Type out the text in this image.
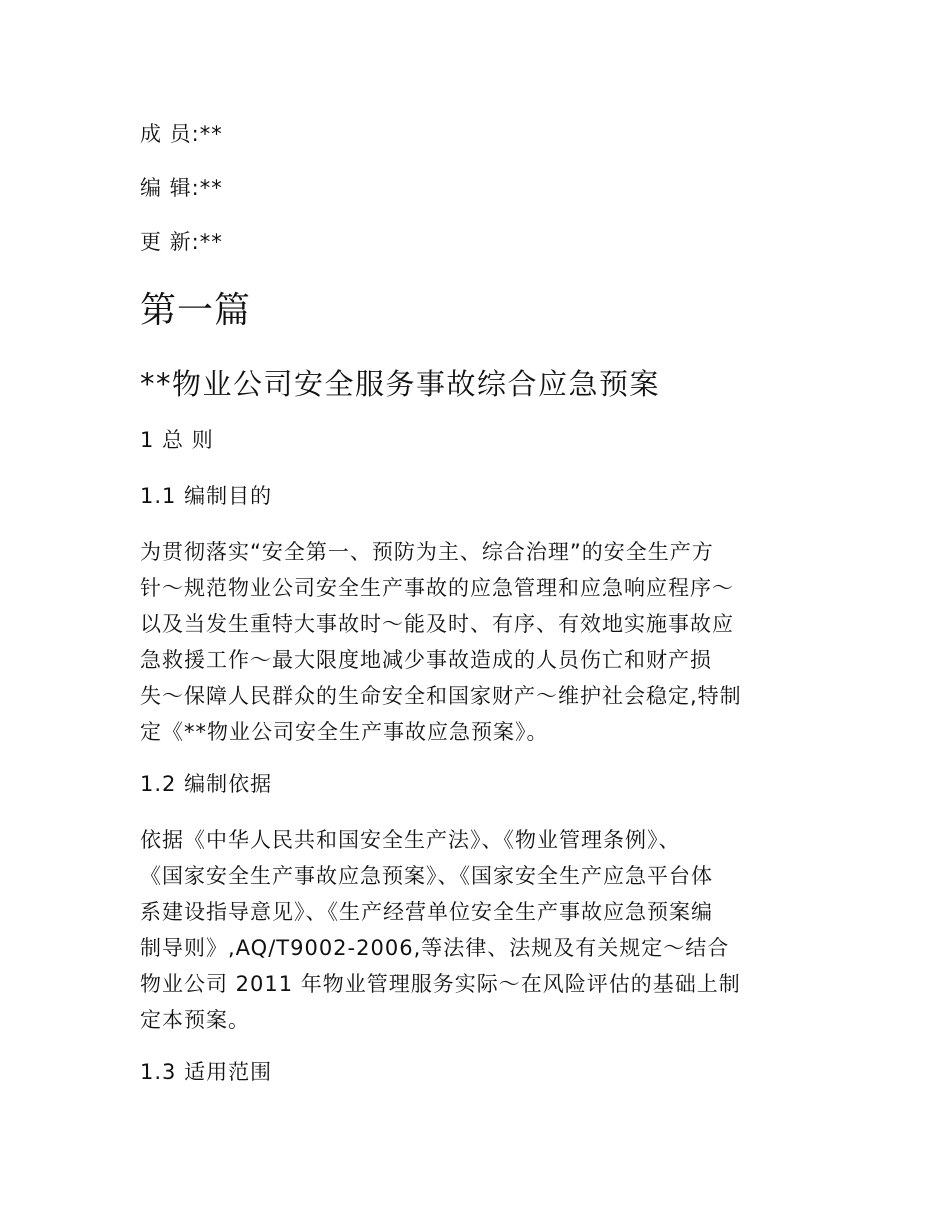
成 员:**

编 辑:**

更 新:**

第一篇
**物业公司安全服务事故综合应急预案
1 总 则
1.1 编制目的
为贯彻落实“安全第一、预防为主、综合治理”的安全生产方
针～规范物业公司安全生产事故的应急管理和应急响应程序～
以及当发生重特大事故时～能及时、有序、有效地实施事故应
急救援工作～最大限度地减少事故造成的人员伤亡和财产损
失～保障人民群众的生命安全和国家财产～维护社会稳定,特制
定《**物业公司安全生产事故应急预案》。
1.2 编制依据
依据《中华人民共和国安全生产法》、《物业管理条例》、
《国家安全生产事故应急预案》、《国家安全生产应急平台体
系建设指导意见》、《生产经营单位安全生产事故应急预案编
制导则》,AQ/T9002-2006,等法律、法规及有关规定～结合
物业公司 2011 年物业管理服务实际～在风险评估的基础上制
定本预案。
1.3 适用范围
